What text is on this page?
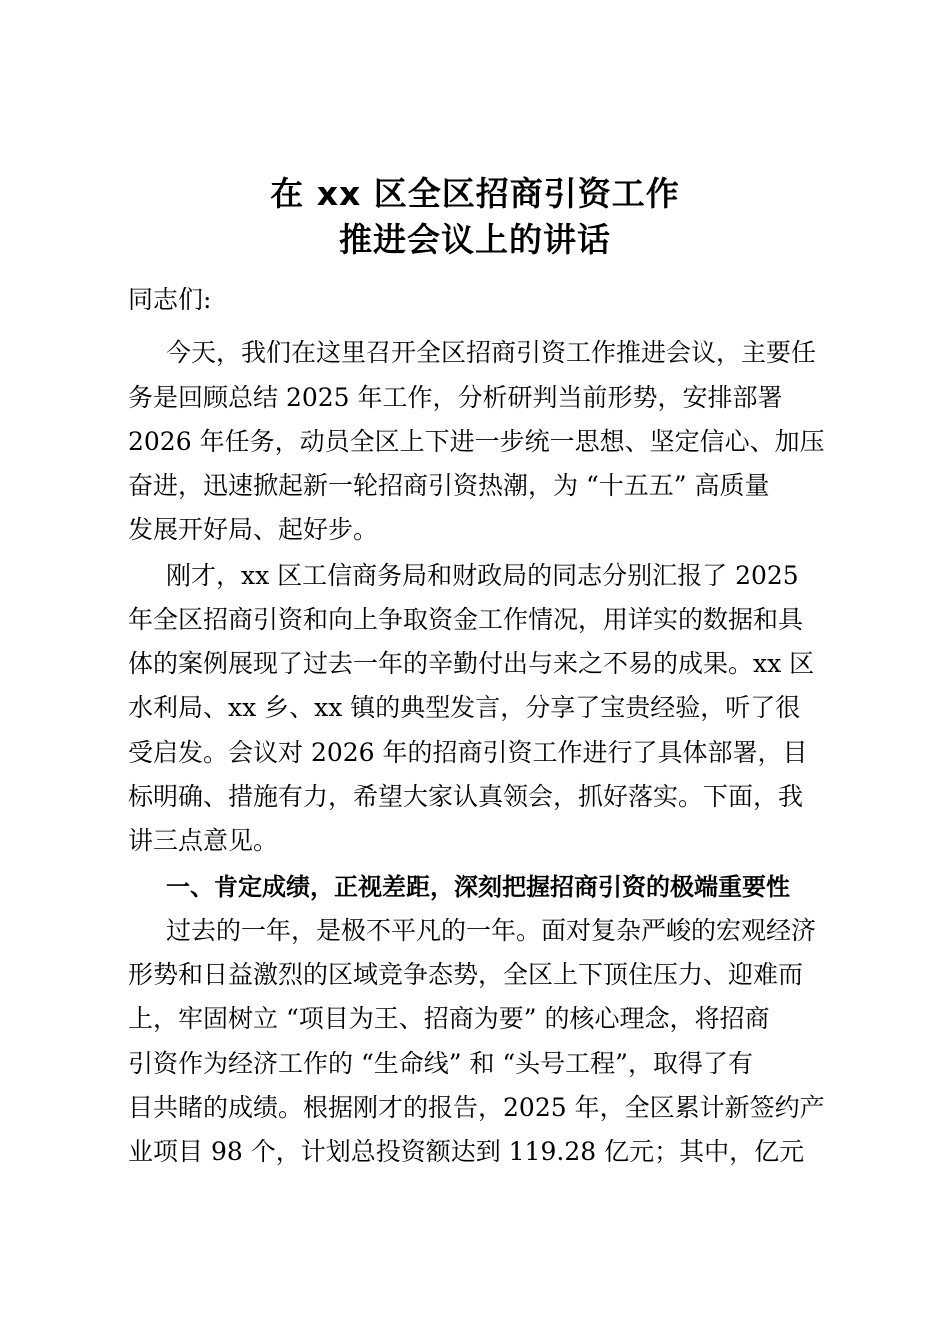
在 xx 区全区招商引资工作
推进会议上的讲话
同志们:
今天，我们在这里召开全区招商引资工作推进会议，主要任
务是回顾总结 2025 年工作，分析研判当前形势，安排部署
2026 年任务，动员全区上下进一步统一思想、坚定信心、加压
奋进，迅速掀起新一轮招商引资热潮，为 “十五五” 高质量
发展开好局、起好步。
刚才，xx 区工信商务局和财政局的同志分别汇报了 2025
年全区招商引资和向上争取资金工作情况，用详实的数据和具
体的案例展现了过去一年的辛勤付出与来之不易的成果。xx 区
水利局、xx 乡、xx 镇的典型发言，分享了宝贵经验，听了很
受启发。会议对 2026 年的招商引资工作进行了具体部署，目
标明确、措施有力，希望大家认真领会，抓好落实。下面，我
讲三点意见。
一、肯定成绩，正视差距，深刻把握招商引资的极端重要性
过去的一年，是极不平凡的一年。面对复杂严峻的宏观经济
形势和日益激烈的区域竞争态势，全区上下顶住压力、迎难而
上，牢固树立 “项目为王、招商为要” 的核心理念，将招商
引资作为经济工作的 “生命线” 和 “头号工程”，取得了有
目共睹的成绩。根据刚才的报告，2025 年，全区累计新签约产
业项目 98 个，计划总投资额达到 119.28 亿元；其中，亿元
